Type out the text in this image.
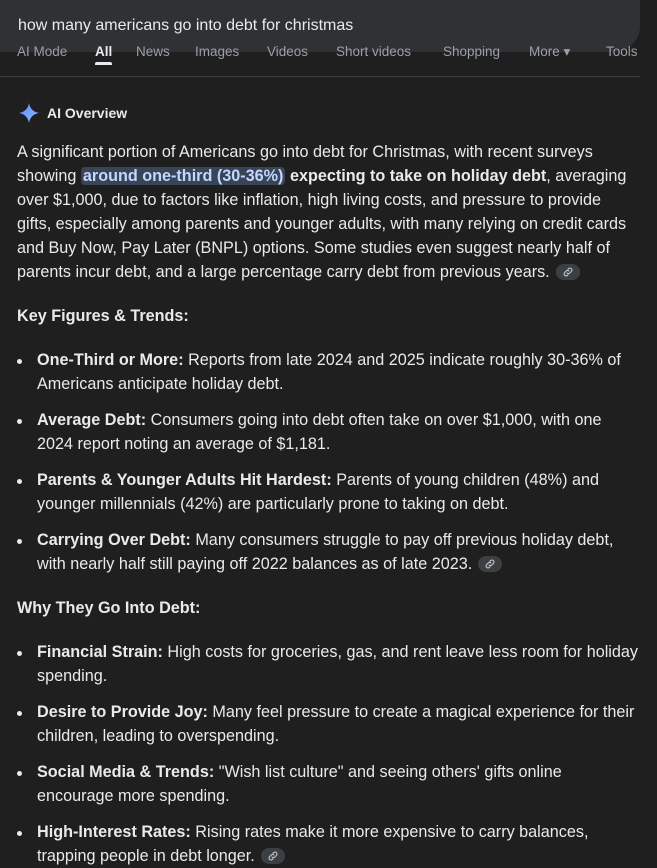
how many americans go into debt for christmas
AI Mode All News Images Videos Short videos Shopping More ▾	Tools
AI Overview
A significant portion of Americans go into debt for Christmas, with recent surveys
showing around one-third (30-36%) expecting to take on holiday debt, averaging
over $1,000, due to factors like inflation, high living costs, and pressure to provide
gifts, especially among parents and younger adults, with many relying on credit cards
and Buy Now, Pay Later (BNPL) options. Some studies even suggest nearly half of
parents incur debt, and a large percentage carry debt from previous years.
Key Figures & Trends:
One-Third or More: Reports from late 2024 and 2025 indicate roughly 30-36% of
Americans anticipate holiday debt.
Average Debt: Consumers going into debt often take on over $1,000, with one
2024 report noting an average of $1,181.
Parents & Younger Adults Hit Hardest: Parents of young children (48%) and
younger millennials (42%) are particularly prone to taking on debt.
Carrying Over Debt: Many consumers struggle to pay off previous holiday debt,
with nearly half still paying off 2022 balances as of late 2023.
Why They Go Into Debt:
Financial Strain: High costs for groceries, gas, and rent leave less room for holiday
spending.
Desire to Provide Joy: Many feel pressure to create a magical experience for their
children, leading to overspending.
Social Media & Trends: "Wish list culture" and seeing others' gifts online
encourage more spending.
High-Interest Rates: Rising rates make it more expensive to carry balances,
trapping people in debt longer.
